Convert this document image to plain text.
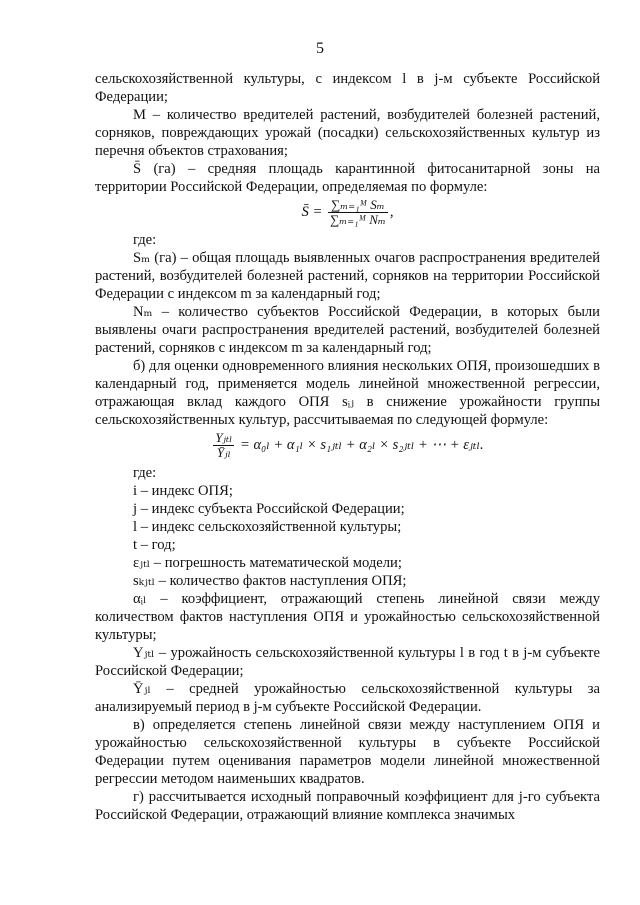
5

сельскохозяйственной культуры, с индексом l в j-м субъекте Российской Федерации;

M – количество вредителей растений, возбудителей болезней растений, сорняков, повреждающих урожай (посадки) сельскохозяйственных культур из перечня объектов страхования;

S̄ (га) – средняя площадь карантинной фитосанитарной зоны на территории Российской Федерации, определяемая по формуле:

S̄ = $\frac{\text{∑ₘ₌₁ᴹ Sₘ}}{\text{∑ₘ₌₁ᴹ Nₘ}}$ ,

где:

Sₘ (га) – общая площадь выявленных очагов распространения вредителей растений, возбудителей болезней растений, сорняков на территории Российской Федерации с индексом m за календарный год;

Nₘ – количество субъектов Российской Федерации, в которых были выявлены очаги распространения вредителей растений, возбудителей болезней растений, сорняков с индексом m за календарный год;

б) для оценки одновременного влияния нескольких ОПЯ, произошедших в календарный год, применяется модель линейной множественной регрессии, отражающая вклад каждого ОПЯ sᵢⱼ в снижение урожайности группы сельскохозяйственных культур, рассчитываемая по следующей формуле:

$\frac{\text{Yⱼₜₗ}}{\text{Ȳⱼₗ}} = \alpha_{0l} + \alpha_{1l}$ × s₁ⱼₜₗ + α₂ₗ × s₂ⱼₜₗ + ⋯ + εⱼₜₗ.

где:

i – индекс ОПЯ;

j – индекс субъекта Российской Федерации;

l – индекс сельскохозяйственной культуры;

t – год;

εⱼₜₗ – погрешность математической модели;

sₖⱼₜₗ – количество фактов наступления ОПЯ;

αᵢₗ – коэффициент, отражающий степень линейной связи между количеством фактов наступления ОПЯ и урожайностью сельскохозяйственной культуры;

Yⱼₜₗ – урожайность сельскохозяйственной культуры l в год t в j-м субъекте Российской Федерации;

Ȳⱼₗ – средней урожайностью сельскохозяйственной культуры за анализируемый период в j-м субъекте Российской Федерации.

в) определяется степень линейной связи между наступлением ОПЯ и урожайностью сельскохозяйственной культуры в субъекте Российской Федерации путем оценивания параметров модели линейной множественной регрессии методом наименьших квадратов.

г) рассчитывается исходный поправочный коэффициент для j-го субъекта Российской Федерации, отражающий влияние комплекса значимых
